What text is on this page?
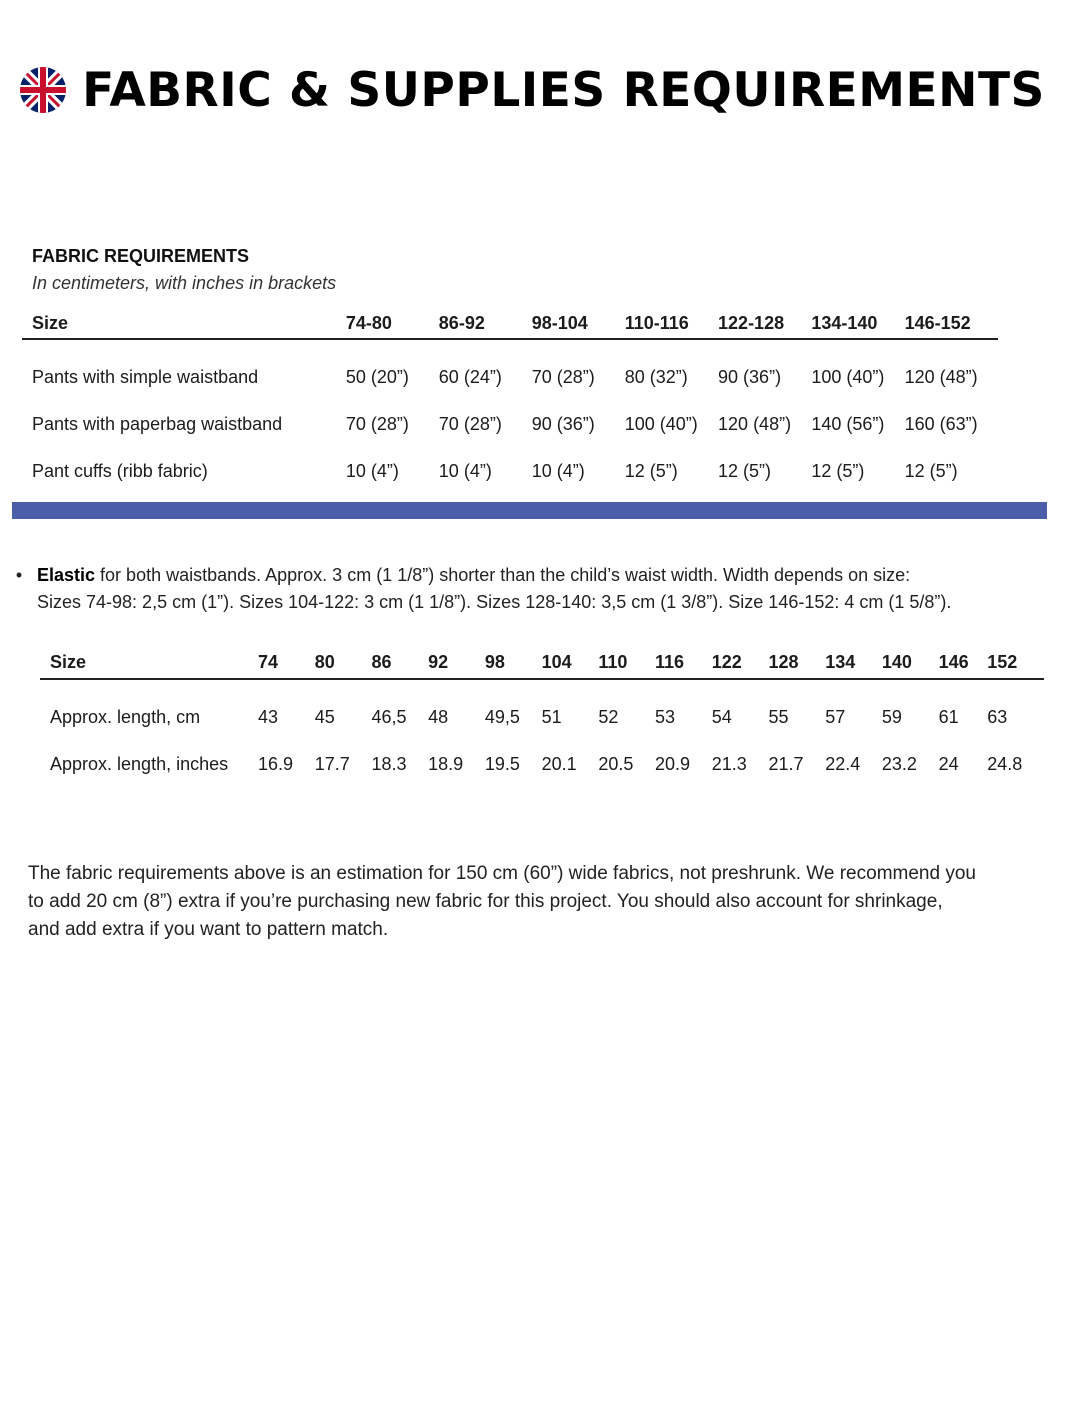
FABRIC & SUPPLIES REQUIREMENTS
FABRIC REQUIREMENTS
In centimeters, with inches in brackets
Size	74-80	86-92	98-104	110-116	122-128	134-140	146-152
Pants with simple waistband	50 (20”)	60 (24”)	70 (28”)	80 (32”)	90 (36”)	100 (40”)	120 (48”)
Pants with paperbag waistband	70 (28”)	70 (28”)	90 (36”)	100 (40”)	120 (48”)	140 (56”)	160 (63”)
Pant cuffs (ribb fabric)	10 (4”)	10 (4”)	10 (4”)	12 (5”)	12 (5”)	12 (5”)	12 (5”)
• Elastic for both waistbands. Approx. 3 cm (1 1/8”) shorter than the child’s waist width. Width depends on size:
Sizes 74-98: 2,5 cm (1”). Sizes 104-122: 3 cm (1 1/8”). Sizes 128-140: 3,5 cm (1 3/8”). Size 146-152: 4 cm (1 5/8”).
Size	74	80	86	92	98	104	110	116	122	128	134	140	146	152
Approx. length, cm	43	45	46,5	48	49,5	51	52	53	54	55	57	59	61	63
Approx. length, inches	16.9	17.7	18.3	18.9	19.5	20.1	20.5	20.9	21.3	21.7	22.4	23.2	24	24.8
The fabric requirements above is an estimation for 150 cm (60”) wide fabrics, not preshrunk. We recommend you
to add 20 cm (8”) extra if you’re purchasing new fabric for this project. You should also account for shrinkage,
and add extra if you want to pattern match.
